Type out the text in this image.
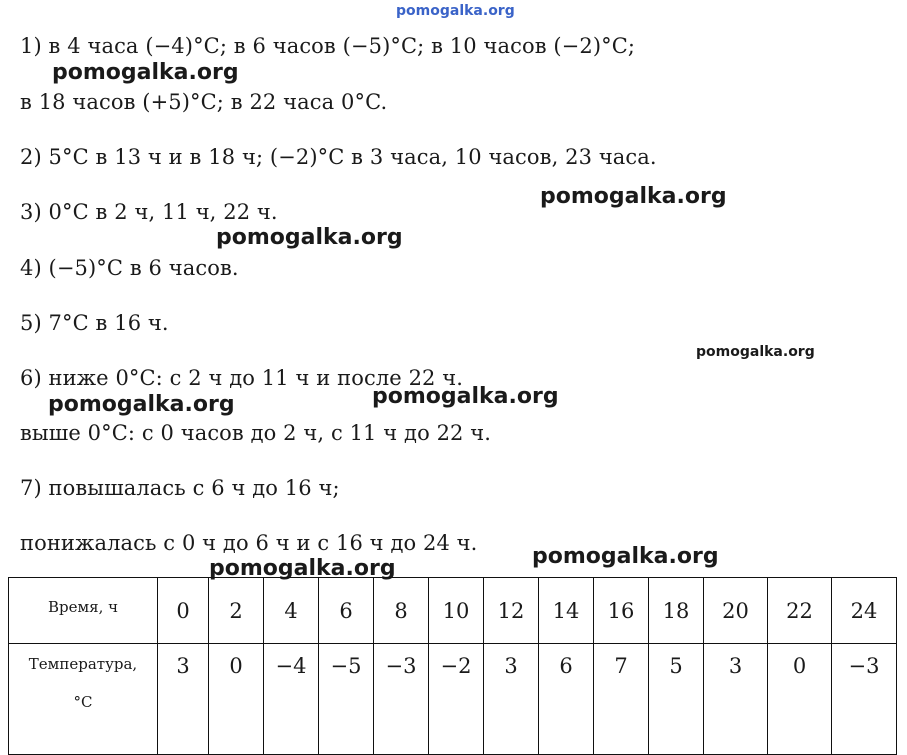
pomogalka.org
pomogalka.org
pomogalka.org
pomogalka.org
pomogalka.org
pomogalka.org	pomogalka.org
pomogalka.org
pomogalka.org
1) в 4 часа (−4)°C; в 6 часов (−5)°C; в 10 часов (−2)°C;
в 18 часов (+5)°C; в 22 часа 0°C.
2) 5°C в 13 ч и в 18 ч; (−2)°C в 3 часа, 10 часов, 23 часа.
3) 0°C в 2 ч, 11 ч, 22 ч.
4) (−5)°C в 6 часов.
5) 7°C в 16 ч.
6) ниже 0°C: с 2 ч до 11 ч и после 22 ч.
выше 0°C: с 0 часов до 2 ч, с 11 ч до 22 ч.
7) повышалась с 6 ч до 16 ч;
понижалась с 0 ч до 6 ч и с 16 ч до 24 ч.
Время, ч	0	2	4	6	8	10	12	14	16	18	20	22	24
Температура,
°C	3	0	−4	−5	−3	−2	3	6	7	5	3	0	−3
